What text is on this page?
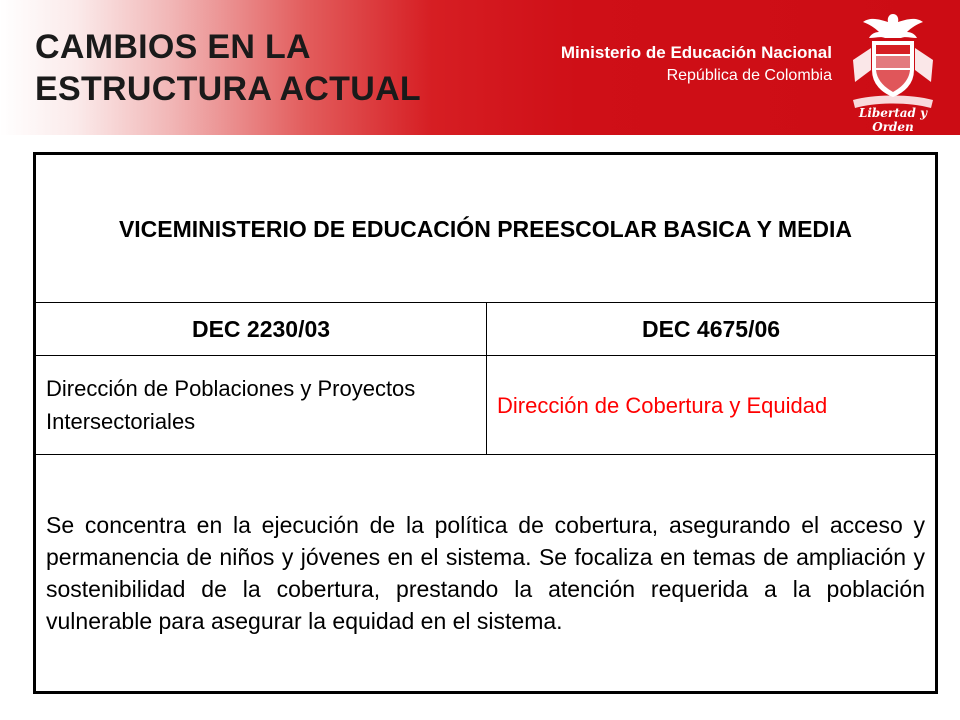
CAMBIOS EN LA ESTRUCTURA ACTUAL
Ministerio de Educación Nacional
República de Colombia
Libertad y Orden
VICEMINISTERIO DE EDUCACIÓN PREESCOLAR BASICA Y MEDIA	
DEC 2230/03	DEC 4675/06
Dirección de Poblaciones y Proyectos Intersectoriales	Dirección de Cobertura y Equidad
Se concentra en la ejecución de la política de cobertura, asegurando el acceso y permanencia de niños y jóvenes en el sistema. Se focaliza en temas de ampliación y sostenibilidad de la cobertura, prestando la atención requerida a la población vulnerable para asegurar la equidad en el sistema.	
